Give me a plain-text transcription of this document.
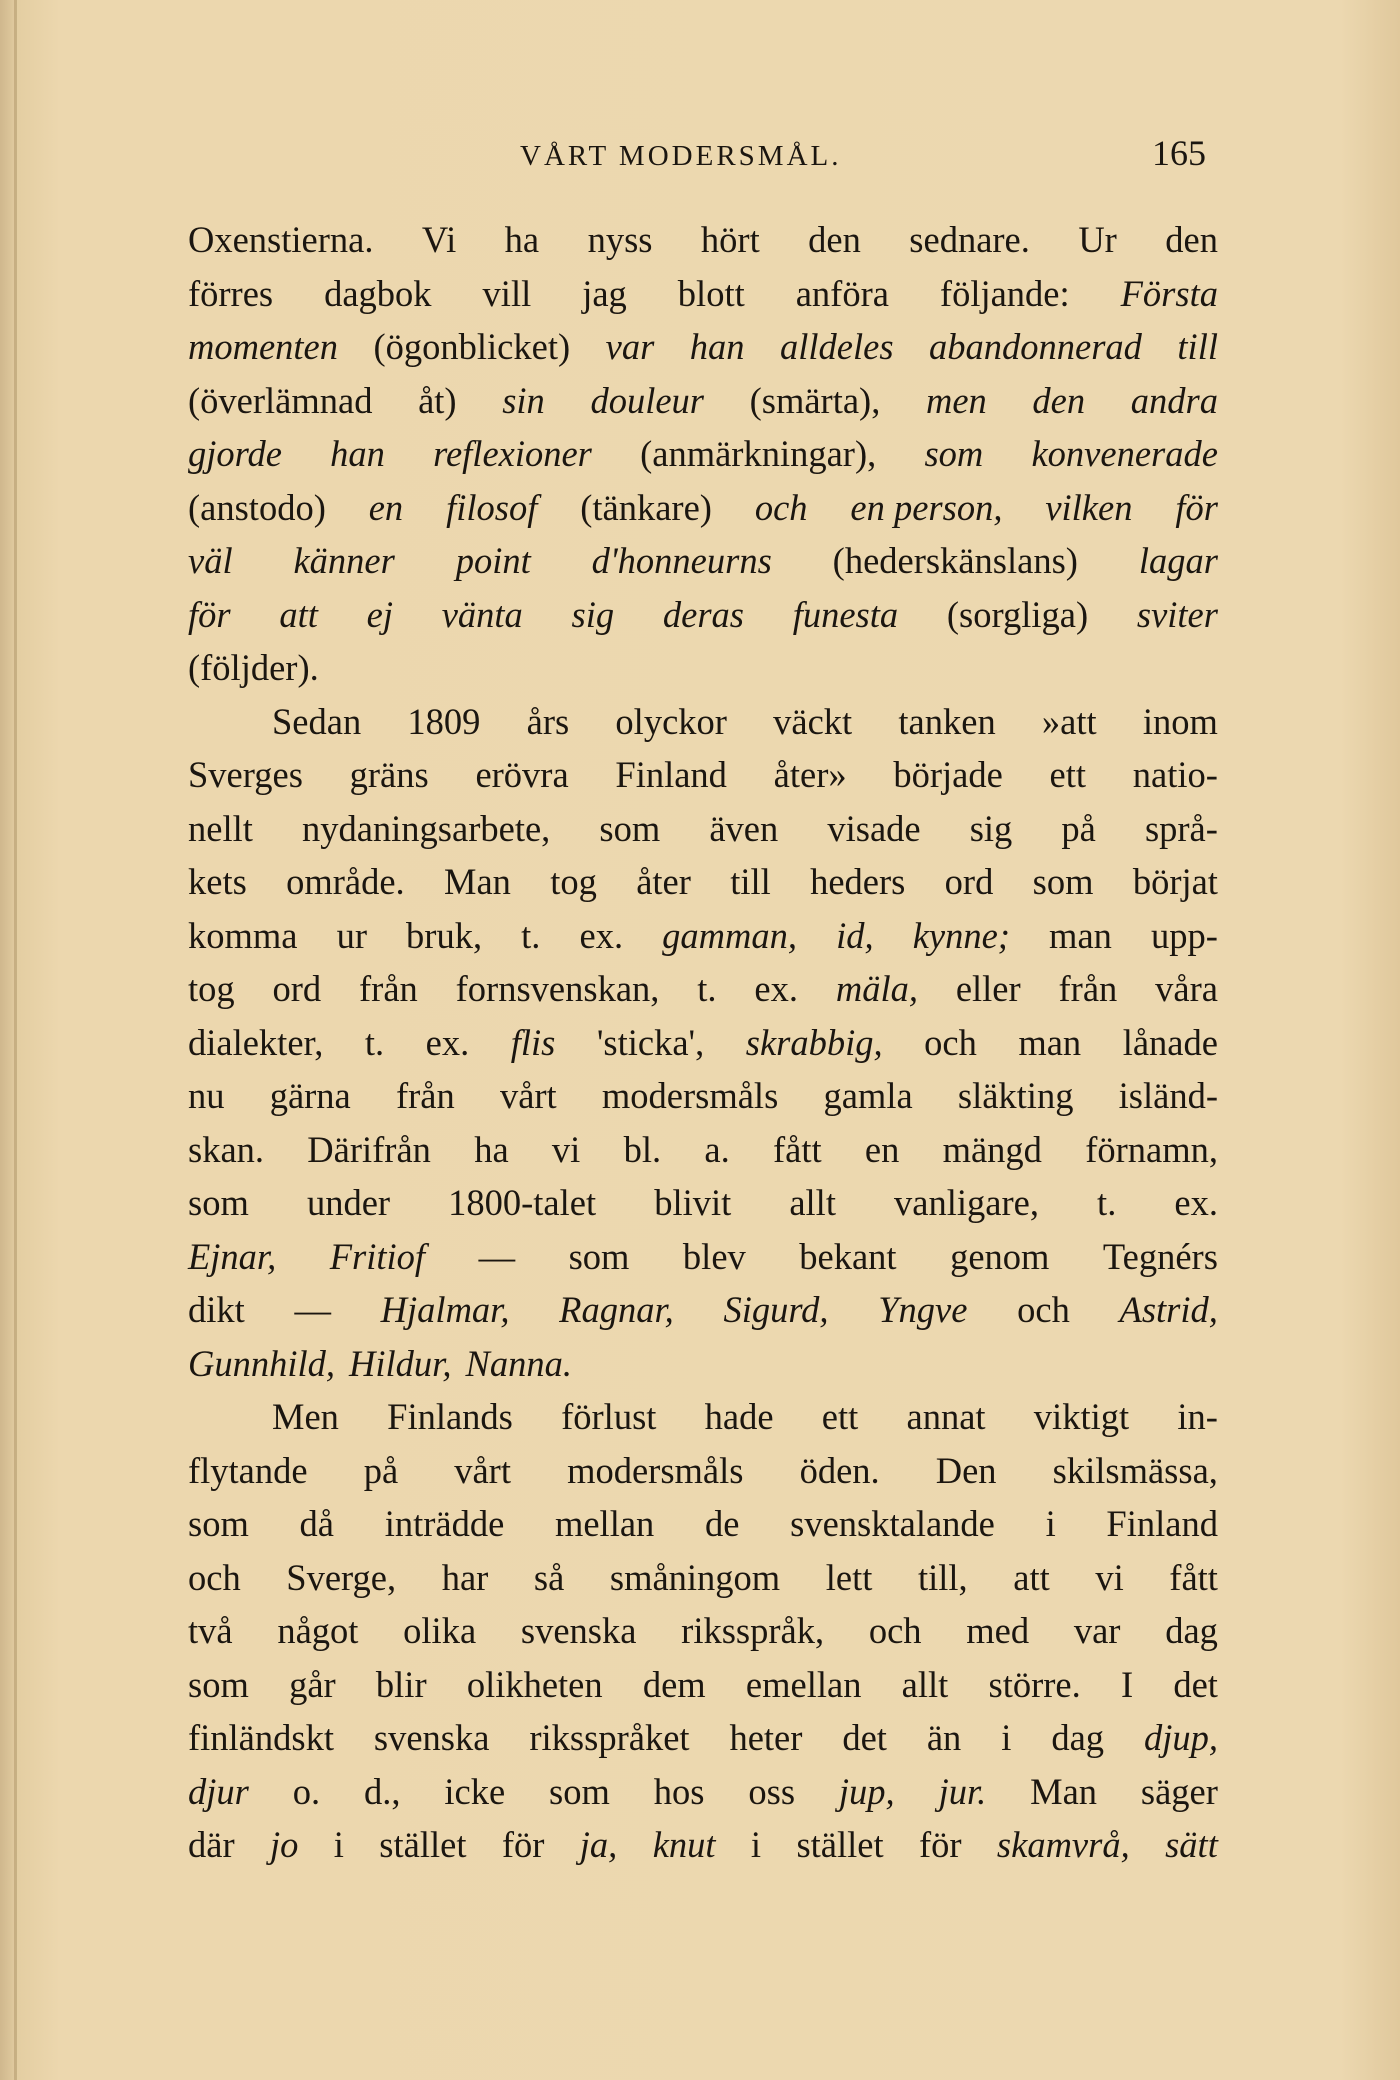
VÅRT MODERSMÅL.	165
Oxenstierna. Vi ha nyss hört den sednare. Ur den
förres dagbok vill jag blott anföra följande: Första
momenten (ögonblicket) var han alldeles abandonnerad till
(överlämnad åt) sin douleur (smärta), men den andra
gjorde han reflexioner (anmärkningar), som konvenerade
(anstodo) en filosof (tänkare) och en person, vilken för
väl känner point d'honneurns (hederskänslans) lagar
för att ej vänta sig deras funesta (sorgliga) sviter
(följder).
Sedan 1809 års olyckor väckt tanken »att inom
Sverges gräns erövra Finland åter» började ett natio-
nellt nydaningsarbete, som även visade sig på språ-
kets område. Man tog åter till heders ord som börjat
komma ur bruk, t. ex. gamman, id, kynne; man upp-
tog ord från fornsvenskan, t. ex. mäla, eller från våra
dialekter, t. ex. flis 'sticka', skrabbig, och man lånade
nu gärna från vårt modersmåls gamla släkting isländ-
skan. Därifrån ha vi bl. a. fått en mängd förnamn,
som under 1800-talet blivit allt vanligare, t. ex.
Ejnar, Fritiof — som blev bekant genom Tegnérs
dikt — Hjalmar, Ragnar, Sigurd, Yngve och Astrid,
Gunnhild, Hildur, Nanna.
Men Finlands förlust hade ett annat viktigt in-
flytande på vårt modersmåls öden. Den skilsmässa,
som då inträdde mellan de svensktalande i Finland
och Sverge, har så småningom lett till, att vi fått
två något olika svenska riksspråk, och med var dag
som går blir olikheten dem emellan allt större. I det
finländskt svenska riksspråket heter det än i dag djup,
djur o. d., icke som hos oss jup, jur. Man säger
där jo i stället för ja, knut i stället för skamvrå, sätt
